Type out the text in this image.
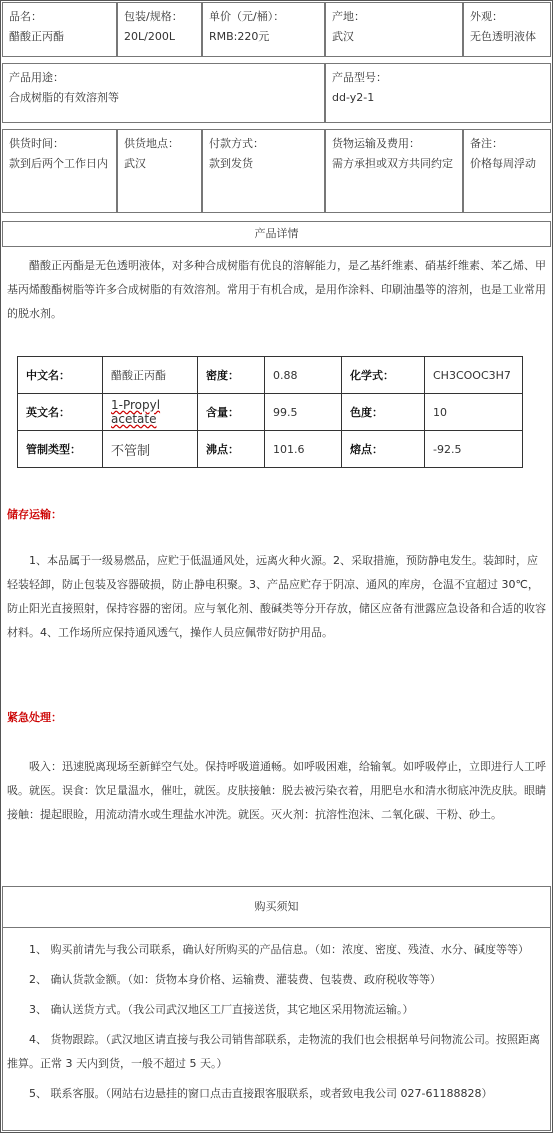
品名：
醋酸正丙酯
包装/规格：
20L/200L
单价（元/桶）：
RMB:220元
产地：
武汉
外观：
无色透明液体
产品用途：
合成树脂的有效溶剂等
产品型号：
dd-y2-1
供货时间：
款到后两个工作日内
供货地点：
武汉
付款方式：
款到发货
货物运输及费用：
需方承担或双方共同约定
备注：
价格每周浮动
产品详情
醋酸正丙酯是无色透明液体，对多种合成树脂有优良的溶解能力，是乙基纤维素、硝基纤维素、苯乙烯、甲基丙烯酸酯树脂等许多合成树脂的有效溶剂。常用于有机合成，是用作涂料、印刷油墨等的溶剂，也是工业常用的脱水剂。
中文名：	醋酸正丙酯	密度：	0.88	化学式：	CH3COOC3H7
英文名：	1-Propyl acetate	含量：	99.5	色度：	10
管制类型：	不管制	沸点：	101.6	熔点：	-92.5
储存运输：
1、本品属于一级易燃品，应贮于低温通风处，远离火种火源。2、采取措施，预防静电发生。装卸时，应轻装轻卸，防止包装及容器破损，防止静电积聚。3、产品应贮存于阴凉、通风的库房，仓温不宜超过 30℃，防止阳光直接照射，保持容器的密闭。应与氧化剂、酸碱类等分开存放，储区应备有泄露应急设备和合适的收容材料。4、工作场所应保持通风透气，操作人员应佩带好防护用品。
紧急处理：
吸入：迅速脱离现场至新鲜空气处。保持呼吸道通畅。如呼吸困难，给输氧。如呼吸停止，立即进行人工呼吸。就医。误食：饮足量温水，催吐，就医。皮肤接触：脱去被污染衣着，用肥皂水和清水彻底冲洗皮肤。眼睛接触：提起眼睑，用流动清水或生理盐水冲洗。就医。灭火剂：抗溶性泡沫、二氧化碳、干粉、砂土。
购买须知

1、 购买前请先与我公司联系，确认好所购买的产品信息。（如：浓度、密度、残渣、水分、碱度等等）

2、 确认货款金额。（如：货物本身价格、运输费、灌装费、包装费、政府税收等等）

3、 确认送货方式。（我公司武汉地区工厂直接送货，其它地区采用物流运输。）

4、 货物跟踪。（武汉地区请直接与我公司销售部联系，走物流的我们也会根据单号问物流公司。按照距离推算。正常 3 天内到货，一般不超过 5 天。）

5、 联系客服。（网站右边悬挂的窗口点击直接跟客服联系，或者致电我公司 027-61188828）
